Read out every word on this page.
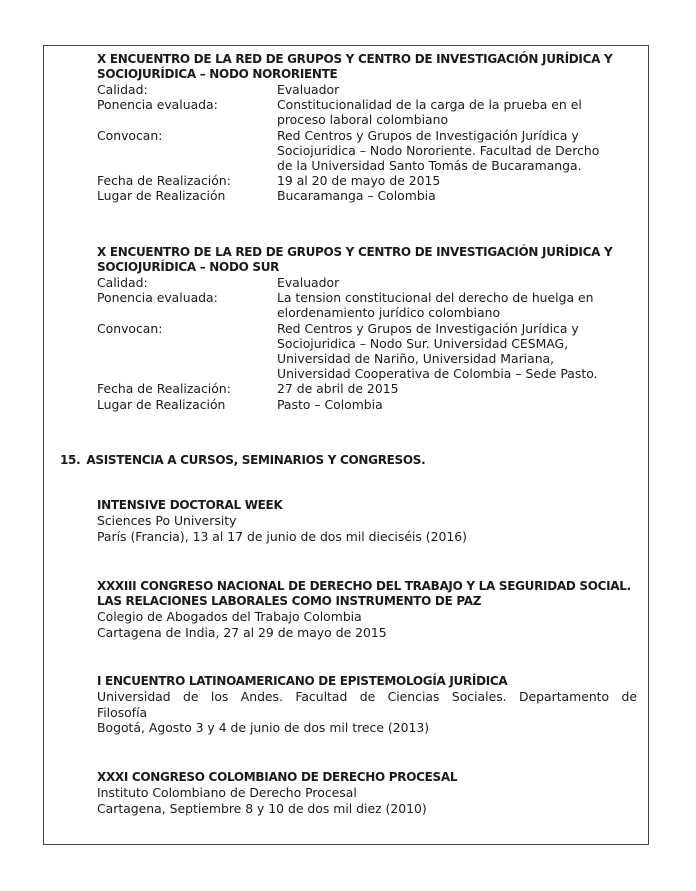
X ENCUENTRO DE LA RED DE GRUPOS Y CENTRO DE INVESTIGACIÓN JURÍDICA Y
SOCIOJURÍDICA – NODO NORORIENTE
Calidad:	Evaluador
Ponencia evaluada:	Constitucionalidad de la carga de la prueba en el
proceso laboral colombiano
Convocan:	Red Centros y Grupos de Investigación Jurídica y
Sociojuridica – Nodo Nororiente. Facultad de Dercho
de la Universidad Santo Tomás de Bucaramanga.
Fecha de Realización:	19 al 20 de mayo de 2015
Lugar de Realización	Bucaramanga – Colombia
X ENCUENTRO DE LA RED DE GRUPOS Y CENTRO DE INVESTIGACIÓN JURÍDICA Y
SOCIOJURÍDICA – NODO SUR
Calidad:	Evaluador
Ponencia evaluada:	La tension constitucional del derecho de huelga en
elordenamiento jurídico colombiano
Convocan:	Red Centros y Grupos de Investigación Jurídica y
Sociojuridica – Nodo Sur. Universidad CESMAG,
Universidad de Nariño, Universidad Mariana,
Universidad Cooperativa de Colombia – Sede Pasto.
Fecha de Realización:	27 de abril de 2015
Lugar de Realización	Pasto – Colombia
15. ASISTENCIA A CURSOS, SEMINARIOS Y CONGRESOS.
INTENSIVE DOCTORAL WEEK
Sciences Po University
París (Francia), 13 al 17 de junio de dos mil dieciséis (2016)
XXXIII CONGRESO NACIONAL DE DERECHO DEL TRABAJO Y LA SEGURIDAD SOCIAL.
LAS RELACIONES LABORALES COMO INSTRUMENTO DE PAZ
Colegio de Abogados del Trabajo Colombia
Cartagena de India, 27 al 29 de mayo de 2015
I ENCUENTRO LATINOAMERICANO DE EPISTEMOLOGÍA JURÍDICA
Universidad de los Andes. Facultad de Ciencias Sociales. Departamento de
Filosofía
Bogotá, Agosto 3 y 4 de junio de dos mil trece (2013)
XXXI CONGRESO COLOMBIANO DE DERECHO PROCESAL
Instituto Colombiano de Derecho Procesal
Cartagena, Septiembre 8 y 10 de dos mil diez (2010)
